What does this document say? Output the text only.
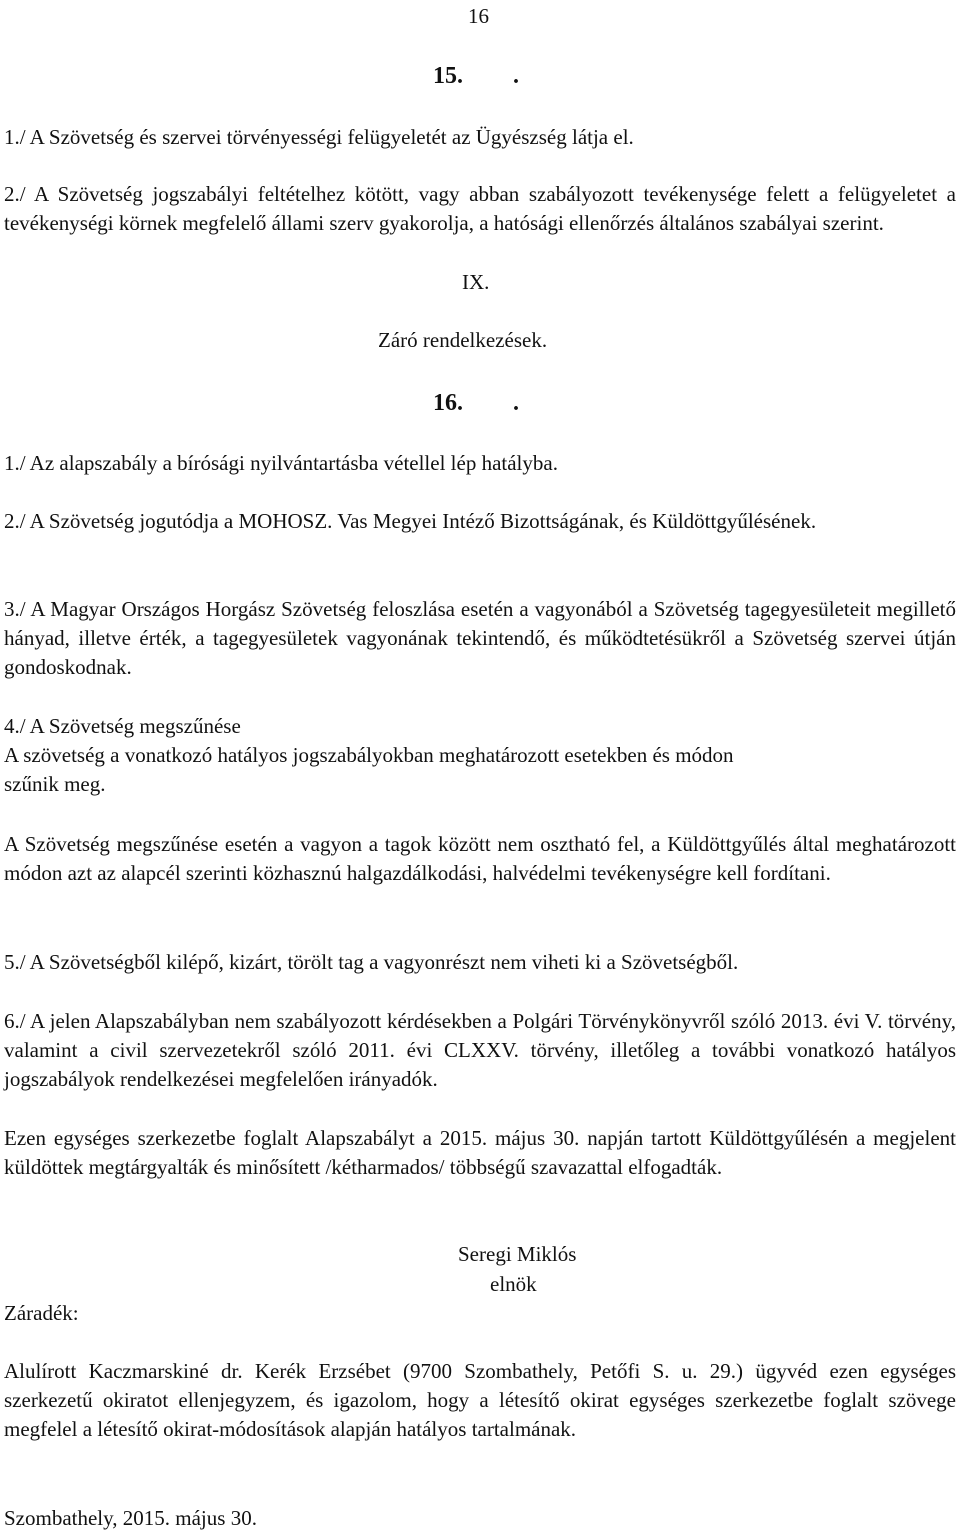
16
15. .
1./ A Szövetség és szervei törvényességi felügyeletét az Ügyészség látja el.
2./ A Szövetség jogszabályi feltételhez kötött, vagy abban szabályozott tevékenysége felett a felügyeletet a tevékenységi körnek megfelelő állami szerv gyakorolja, a hatósági ellenőrzés általános szabályai szerint.
IX.
Záró rendelkezések.
16. .
1./ Az alapszabály a bírósági nyilvántartásba vétellel lép hatályba.
2./ A Szövetség jogutódja a MOHOSZ. Vas Megyei Intéző Bizottságának, és Küldöttgyűlésének.
3./ A Magyar Országos Horgász Szövetség feloszlása esetén a vagyonából a Szövetség tagegyesületeit megillető hányad, illetve érték, a tagegyesületek vagyonának tekintendő, és működtetésükről a Szövetség szervei útján gondoskodnak.
4./ A Szövetség megszűnése
A szövetség a vonatkozó hatályos jogszabályokban meghatározott esetekben és módon
szűnik meg.
A Szövetség megszűnése esetén a vagyon a tagok között nem osztható fel, a Küldöttgyűlés által meghatározott módon azt az alapcél szerinti közhasznú halgazdálkodási, halvédelmi tevékenységre kell fordítani.
5./ A Szövetségből kilépő, kizárt, törölt tag a vagyonrészt nem viheti ki a Szövetségből.
6./ A jelen Alapszabályban nem szabályozott kérdésekben a Polgári Törvénykönyvről szóló 2013. évi V. törvény, valamint a civil szervezetekről szóló 2011. évi CLXXV. törvény, illetőleg a további vonatkozó hatályos jogszabályok rendelkezései megfelelően irányadók.
Ezen egységes szerkezetbe foglalt Alapszabályt a 2015. május 30. napján tartott Küldöttgyűlésén a megjelent küldöttek megtárgyalták és minősített /kétharmados/ többségű szavazattal elfogadták.
Seregi Miklós
elnök
Záradék:
Alulírott Kaczmarskiné dr. Kerék Erzsébet (9700 Szombathely, Petőfi S. u. 29.) ügyvéd ezen egységes szerkezetű okiratot ellenjegyzem, és igazolom, hogy a létesítő okirat egységes szerkezetbe foglalt szövege megfelel a létesítő okirat-módosítások alapján hatályos tartalmának.
Szombathely, 2015. május 30.
